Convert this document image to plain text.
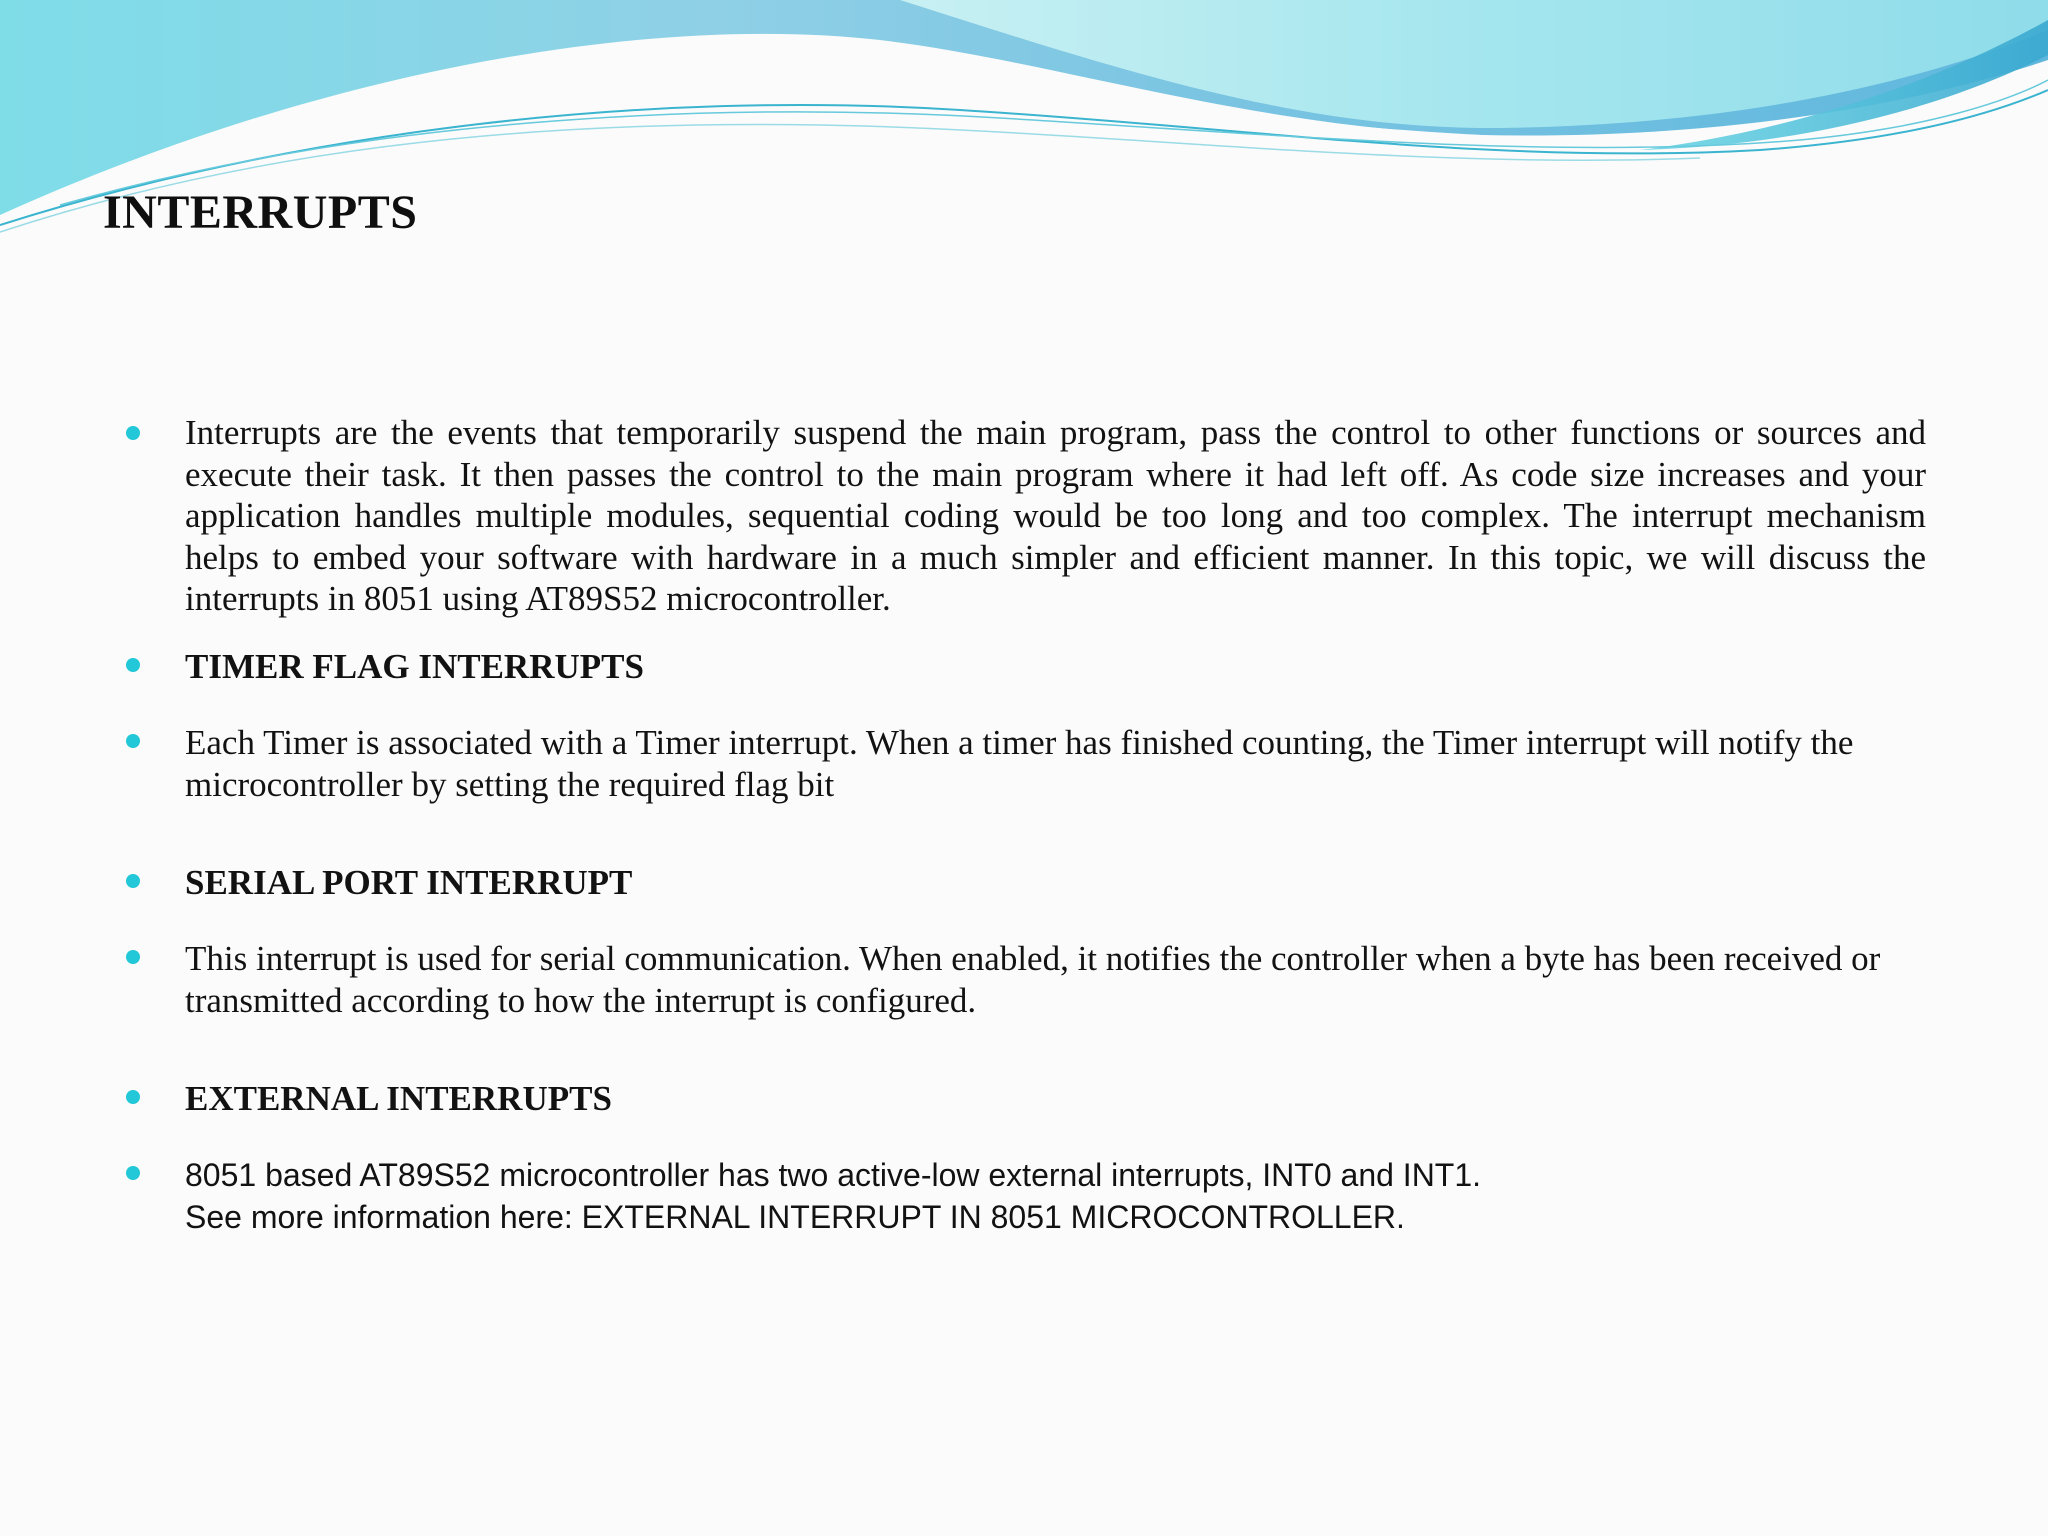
INTERRUPTS
Interrupts are the events that temporarily suspend the main program, pass the control to other functions or sources and execute their task. It then passes the control to the main program where it had left off. As code size increases and your application handles multiple modules, sequential coding would be too long and too complex. The interrupt mechanism helps to embed your software with hardware in a much simpler and efficient manner. In this topic, we will discuss the interrupts in 8051 using AT89S52 microcontroller.
TIMER FLAG INTERRUPTS
Each Timer is associated with a Timer interrupt. When a timer has finished counting, the Timer interrupt will notify the microcontroller by setting the required flag bit
SERIAL PORT INTERRUPT
This interrupt is used for serial communication. When enabled, it notifies the controller when a byte has been received or transmitted according to how the interrupt is configured.
EXTERNAL INTERRUPTS
8051 based AT89S52 microcontroller has two active-low external interrupts, INT0 and INT1.
See more information here: EXTERNAL INTERRUPT IN 8051 MICROCONTROLLER.
